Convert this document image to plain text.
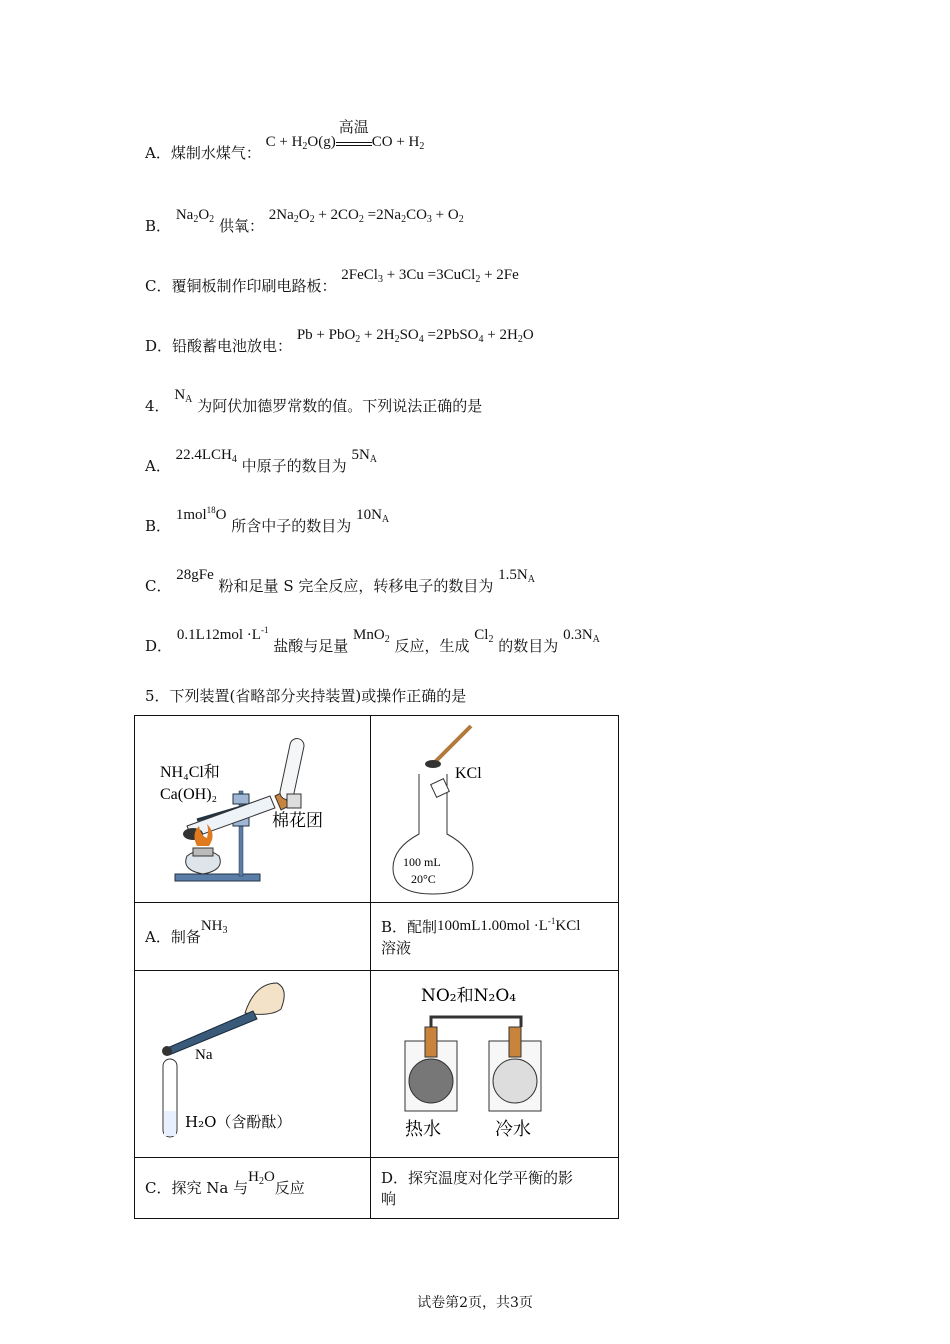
A．煤制水煤气： $C + H_2O(g)$
高温
CO + $H_2$
B． $Na_2O_2$ 供氧： $2Na_2O_2 + 2CO_2 =2Na_2CO_3 + O_2$
C．覆铜板制作印刷电路板： 2FeCl$_3$ + 3Cu =3CuCl$_2$ + 2Fe
D．铅酸蓄电池放电： $Pb + PbO_2 + 2H_2SO_4$ =2PbSO$_4$ + $2H_2O$
4． $N_A$ 为阿伏加德罗常数的值。下列说法正确的是
A． $22.4LCH_4$ 中原子的数目为 $5N_A$
B． 1mol$^{18}$O 所含中子的数目为 $10N_A$
C． 28gFe 粉和足量 S 完全反应，转移电子的数目为 $1.5N_A$
D． $0.1L12mol \cdot L^{-1}$ 盐酸与足量 MnO$_2$ 反应，生成 $Cl_2$ 的数目为 $0.3N_A$
5．下列装置(省略部分夹持装置)或操作正确的是
NH₄Cl和
Ca(OH)₂
棉花团	KCl
100 mL
20°C

A．制备$NH_3$	B．配制$100mL1.00mol \cdot L^{-1}KCl$
溶液

Na
H₂O（含酚酞）	NO₂和N₂O₄
热水 冷水

C．探究 Na 与$H_2O$反应	D．探究温度对化学平衡的影
响
试卷第2页，共3页
